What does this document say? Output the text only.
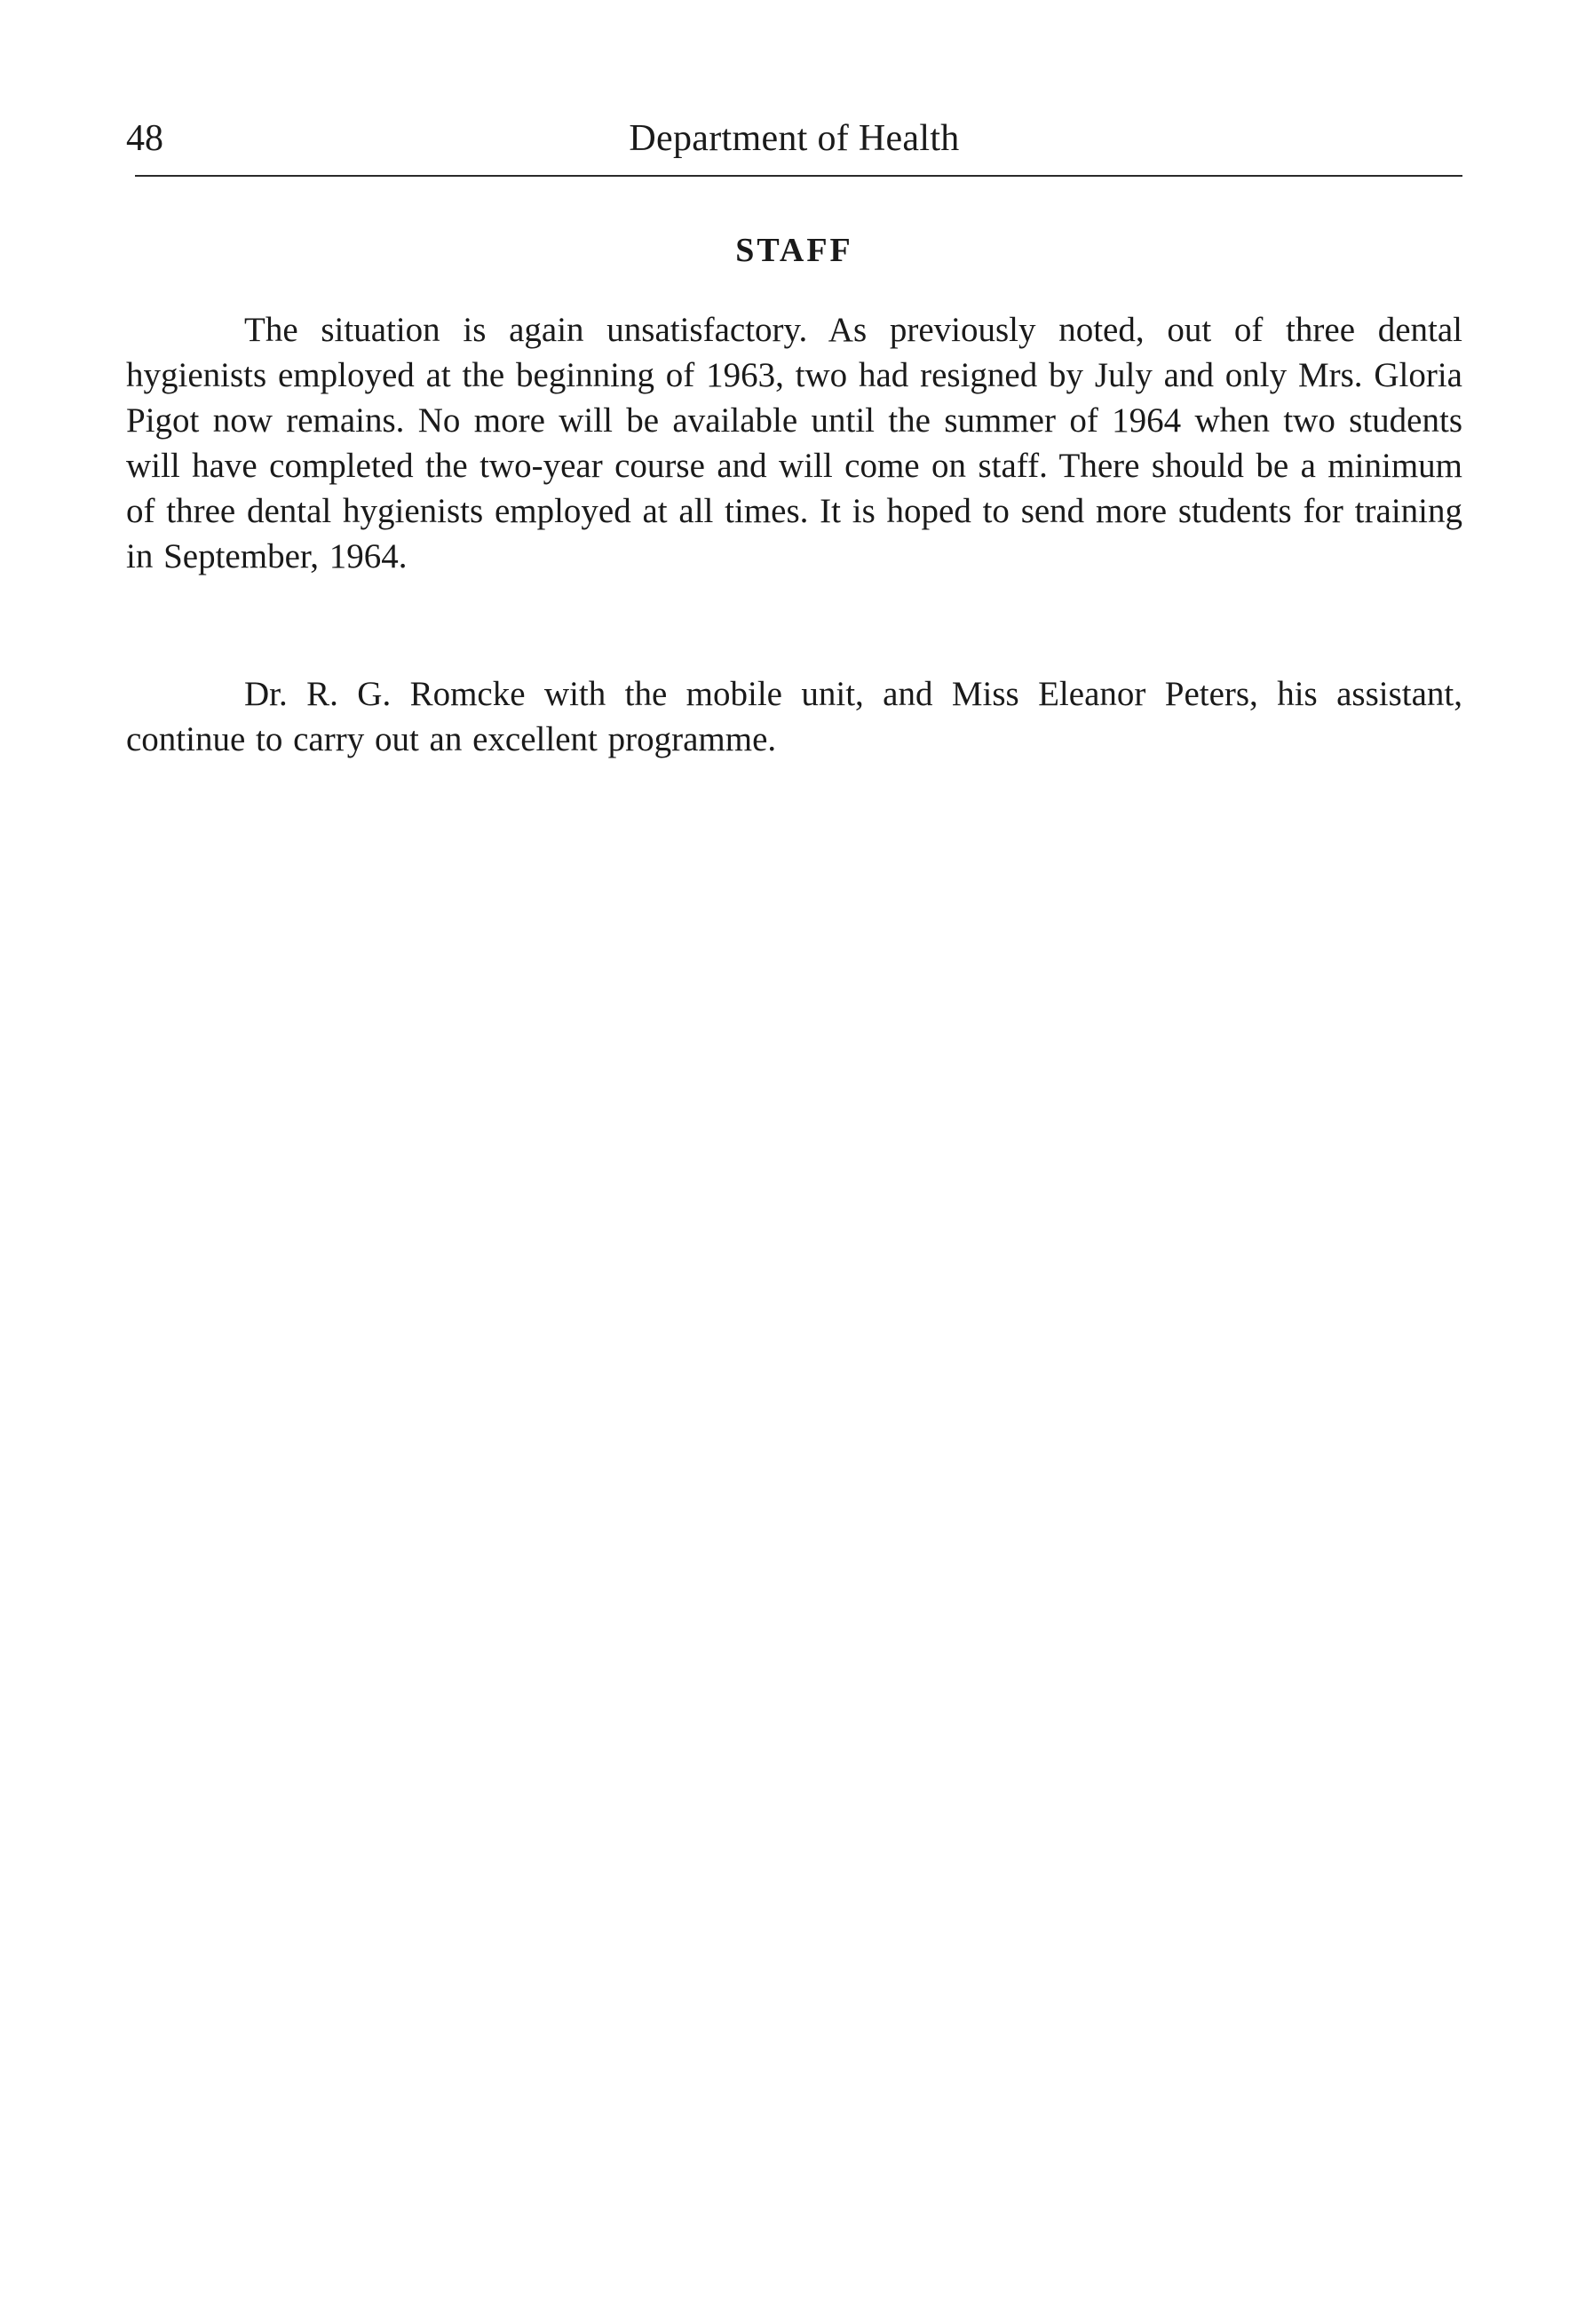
48	Department of Health
STAFF

The situation is again unsatisfactory. As previously noted, out of three dental hygienists employed at the beginning of 1963, two had resigned by July and only Mrs. Gloria Pigot now remains. No more will be available until the summer of 1964 when two students will have completed the two-year course and will come on staff. There should be a minimum of three dental hygienists employed at all times. It is hoped to send more students for training in September, 1964.

Dr. R. G. Romcke with the mobile unit, and Miss Eleanor Peters, his assistant, continue to carry out an excellent programme.
